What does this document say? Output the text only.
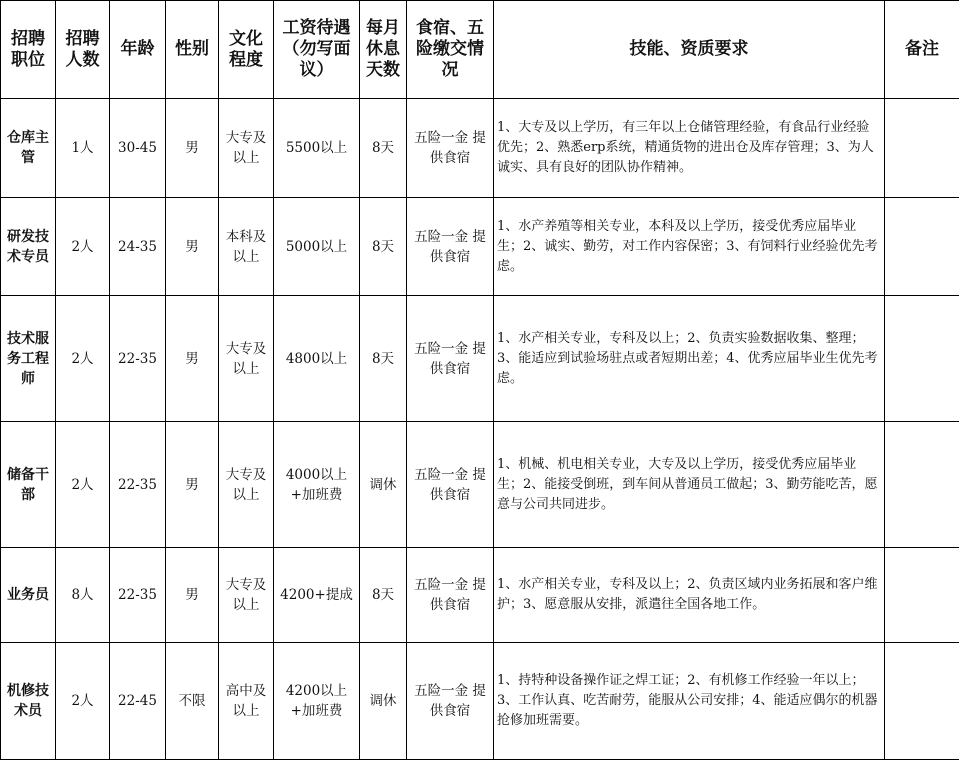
招聘职位	招聘人数	年龄	性别	文化程度	工资待遇（勿写面议）	每月休息天数	食宿、五险缴交情况	技能、资质要求	备注
仓库主管	1人	30-45	男	大专及以上	5500以上	8天	五险一金 提供食宿	1、大专及以上学历，有三年以上仓储管理经验，有食品行业经验优先；2、熟悉erp系统，精通货物的进出仓及库存管理；3、为人诚实、具有良好的团队协作精神。	
研发技术专员	2人	24-35	男	本科及以上	5000以上	8天	五险一金 提供食宿	1、水产养殖等相关专业，本科及以上学历，接受优秀应届毕业生；2、诚实、勤劳，对工作内容保密；3、有饲料行业经验优先考虑。	
技术服务工程师	2人	22-35	男	大专及以上	4800以上	8天	五险一金 提供食宿	1、水产相关专业，专科及以上；2、负责实验数据收集、整理；3、能适应到试验场驻点或者短期出差；4、优秀应届毕业生优先考虑。	
储备干部	2人	22-35	男	大专及以上	4000以上+加班费	调休	五险一金 提供食宿	1、机械、机电相关专业，大专及以上学历，接受优秀应届毕业生；2、能接受倒班，到车间从普通员工做起；3、勤劳能吃苦，愿意与公司共同进步。	
业务员	8人	22-35	男	大专及以上	4200+提成	8天	五险一金 提供食宿	1、水产相关专业，专科及以上；2、负责区域内业务拓展和客户维护；3、愿意服从安排，派遣往全国各地工作。	
机修技术员	2人	22-45	不限	高中及以上	4200以上+加班费	调休	五险一金 提供食宿	1、持特种设备操作证之焊工证；2、有机修工作经验一年以上；3、工作认真、吃苦耐劳，能服从公司安排；4、能适应偶尔的机器抢修加班需要。	
